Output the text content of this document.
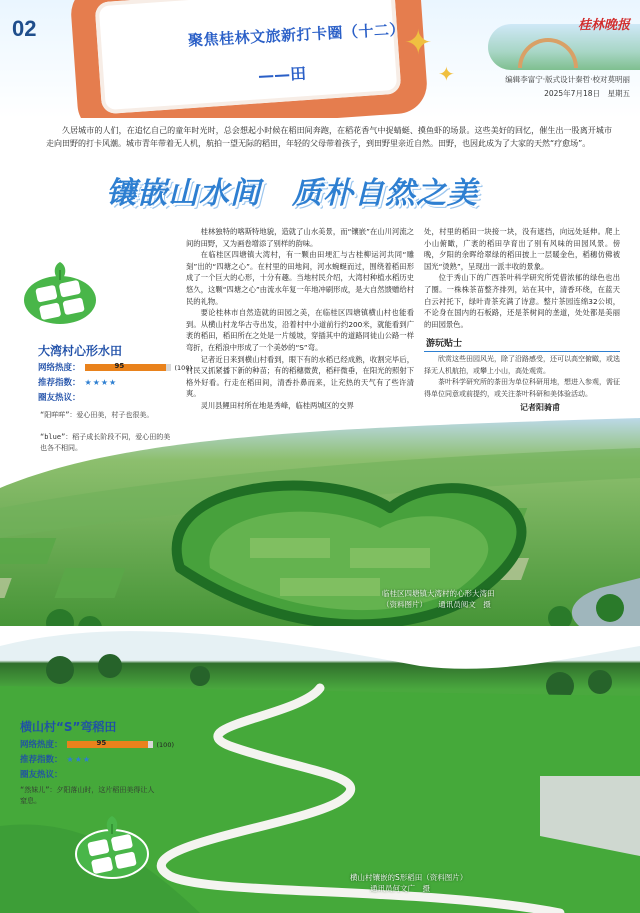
02	聚焦桂林文旅新打卡圈（十二）
——田
✦
✦
桂林晚报
编辑李富宁·版式设计秦哲·校对莫明丽
2025年7月18日　星期五

久居城市的人们，在追忆自己的童年时光时，总会想起小时候在稻田间奔跑，在稻花香气中捉蜻蜓、摸鱼虾的场景。这些美好的回忆，催生出一股离开城市走向田野的打卡风潮。城市青年带着无人机，航拍一望无际的稻田，年轻的父母带着孩子，到田野里亲近自然。田野，也因此成为了大家的天然“疗愈场”。

镶嵌山水间　质朴自然之美

桂林独特的喀斯特地貌，造就了山水美景，而“镶嵌”在山川河流之间的田野，又为画卷增添了别样的韵味。

在临桂区四塘镇大湾村，有一颗由田埂汇与古桂柳运河共同“雕刻”出的“四塘之心”。在村里的田地间，河水蜿蜒而过，围绕着稻田形成了一个巨大的心形，十分有趣。当地村民介绍，大湾村种植水稻历史悠久，这颗“四塘之心”由流水年复一年地冲刷形成，是大自然馈赠给村民的礼物。

要论桂林市自然造就的田园之美，在临桂区四塘镇横山村也能看到。从横山村龙华古寺出发，沿着村中小道前行约200米，就能看到广袤的稻田，稻田所在之处是一片缓坡，穿插其中的道路同徒山公路一样弯折，在稻浪中形成了一个美妙的“S”弯。

记者近日来到横山村看到，眼下有的水稻已经成熟，收割完毕后，村民又抓紧播下新的种苗；有的稻穗微黄，稻秆微垂，在阳光的照射下格外好看。行走在稻田间，清香扑鼻而来，让充热的天气有了些许清爽。

灵川县鲤田村所在地是秀峰，临桂两城区的交界

处，村里的稻田一块接一块，没有遮挡，向远处延伸。爬上小山俯瞰，广袤的稻田孕育出了别有风味的田园风景。傍晚，夕阳的余晖给翠绿的稻田披上一层暖金色，稻穗仿佛被国光“烫熟”，呈现出一派丰收的景象。

位于秀山下的广西茶叶科学研究所凭借浓郁的绿色也出了圈。一株株茶苗整齐排列，站在其中，清香环绕，在蓝天白云衬托下，绿叶青茶充满了诗意。整片茶园连绵32公顷，不论身在国内的石板路，还是茶树间的垄道，处处都是美丽的田园景色。

游玩贴士

欣赏这些田园风光，除了沿路感受，还可以高空俯瞰，或选择无人机航拍，或攀上小山，高处观赏。

茶叶科学研究所的茶田为单位科研用地，想进入参观，需征得单位同意或前提约，或关注茶叶科研和美体验活动。

记者阳骑甫
临桂区四塘镇大湾村的心形大湾田
（资料图片）　　通讯员阅文　摄
横山村镶嵌的S形稻田（资料图片）
通讯员何文广　摄
大湾村心形水田
网络热度：	95	(100)
推荐指数： ★★★★
圈友热议：
“阳咩咩”：爱心田美，村子也很美。
“blue”：稻子成长阶段不同，爱心田的美也各不相同。
横山村“S”弯稻田
网络热度：	95	(100)
推荐指数： ★★★
圈友热议：
“然妹儿”：夕阳落山时，这片稻田美得让人窒息。
